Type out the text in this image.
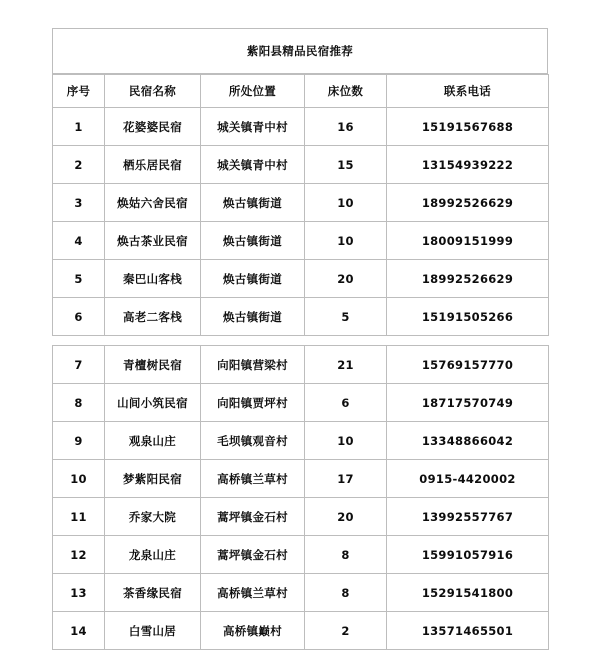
紫阳县精品民宿推荐
序号	民宿名称	所处位置	床位数	联系电话
1	花婆婆民宿	城关镇青中村	16	15191567688
2	栖乐居民宿	城关镇青中村	15	13154939222
3	焕姑六舍民宿	焕古镇街道	10	18992526629
4	焕古茶业民宿	焕古镇街道	10	18009151999
5	秦巴山客栈	焕古镇街道	20	18992526629
6	高老二客栈	焕古镇街道	5	15191505266
7	青檀树民宿	向阳镇营梁村	21	15769157770
8	山间小筑民宿	向阳镇贾坪村	6	18717570749
9	观泉山庄	毛坝镇观音村	10	13348866042
10	梦紫阳民宿	高桥镇兰草村	17	0915-4420002
11	乔家大院	蒿坪镇金石村	20	13992557767
12	龙泉山庄	蒿坪镇金石村	8	15991057916
13	茶香缘民宿	高桥镇兰草村	8	15291541800
14	白雪山居	高桥镇巅村	2	13571465501
